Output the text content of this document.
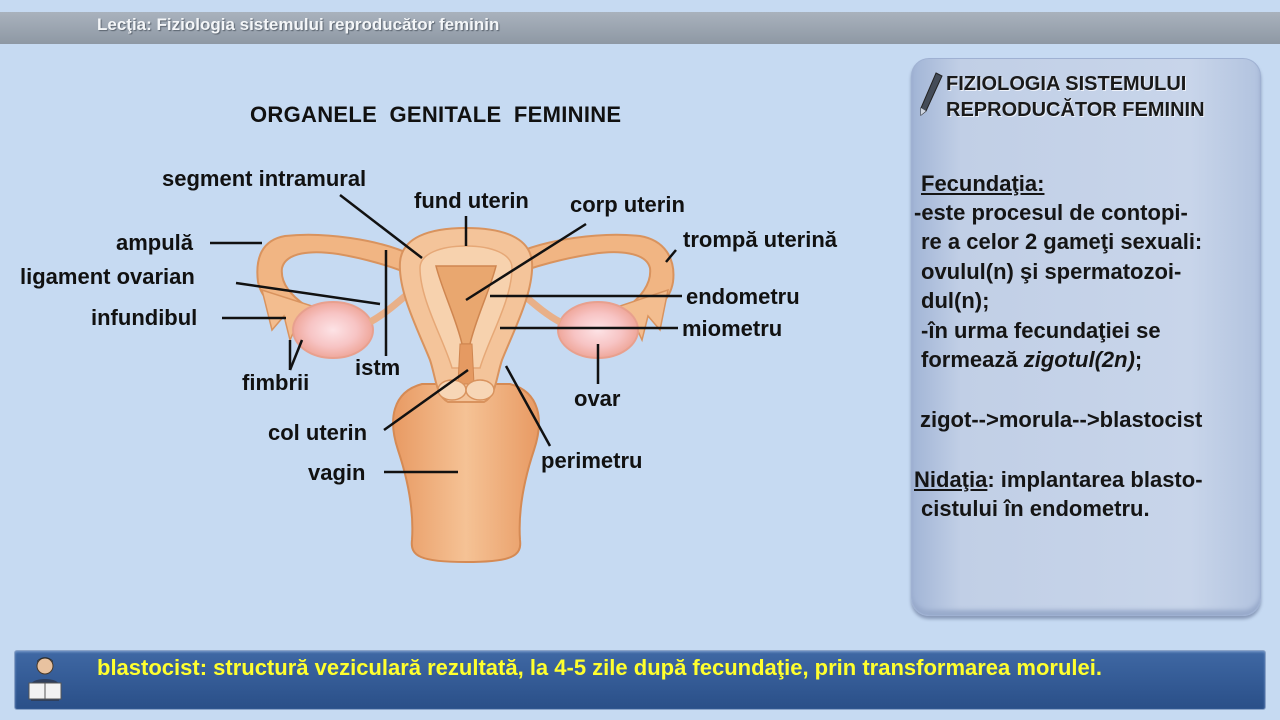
Lecţia: Fiziologia sistemului reproducător feminin
ORGANELE GENITALE FEMININE
segment intramural
fund uterin corp uterin
ampulă	trompă uterină
ligament ovarian
endometru
infundibul	miometru
istm
fimbrii
ovar
col uterin
perimetru
vagin
FIZIOLOGIA SISTEMULUI
REPRODUCĂTOR FEMININ
Fecundaţia:
-este procesul de contopi-
re a celor 2 gameţi sexuali:
ovulul(n) şi spermatozoi-
dul(n);
-în urma fecundaţiei se
formează zigotul(2n);
zigot-->morula-->blastocist
Nidaţia: implantarea blasto-
cistului în endometru.
blastocist: structură veziculară rezultată, la 4-5 zile după fecundaţie, prin transformarea morulei.
